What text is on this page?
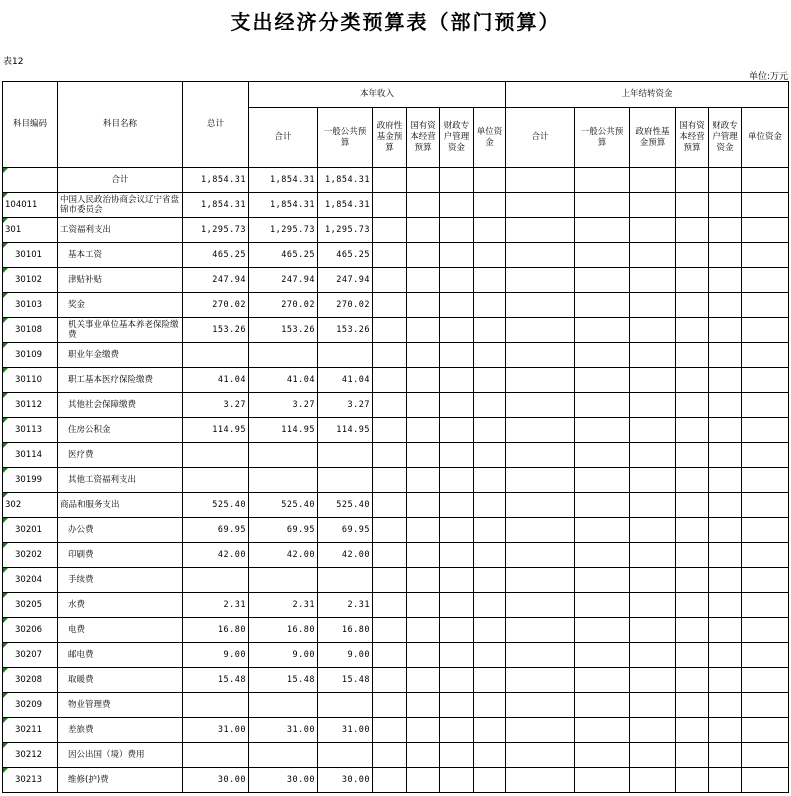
支出经济分类预算表（部门预算）
表12
单位:万元
科目编码	科目名称	总计	本年收入						上年结转资金					
			合计	一般公共预算	政府性基金预算	国有资本经营预算	财政专户管理资金	单位资金	合计	一般公共预算	政府性基金预算	国有资本经营预算	财政专户管理资金	单位资金
	合计	1,854.31	1,854.31	1,854.31										
104011	中国人民政治协商会议辽宁省盘锦市委员会	1,854.31	1,854.31	1,854.31										
301	工资福利支出	1,295.73	1,295.73	1,295.73										
30101	基本工资	465.25	465.25	465.25										
30102	津贴补贴	247.94	247.94	247.94										
30103	奖金	270.02	270.02	270.02										
30108	机关事业单位基本养老保险缴费	153.26	153.26	153.26										
30109	职业年金缴费													
30110	职工基本医疗保险缴费	41.04	41.04	41.04										
30112	其他社会保障缴费	3.27	3.27	3.27										
30113	住房公积金	114.95	114.95	114.95										
30114	医疗费													
30199	其他工资福利支出													
302	商品和服务支出	525.40	525.40	525.40										
30201	办公费	69.95	69.95	69.95										
30202	印刷费	42.00	42.00	42.00										
30204	手续费													
30205	水费	2.31	2.31	2.31										
30206	电费	16.80	16.80	16.80										
30207	邮电费	9.00	9.00	9.00										
30208	取暖费	15.48	15.48	15.48										
30209	物业管理费													
30211	差旅费	31.00	31.00	31.00										
30212	因公出国（境）费用													
30213	维修(护)费	30.00	30.00	30.00										
